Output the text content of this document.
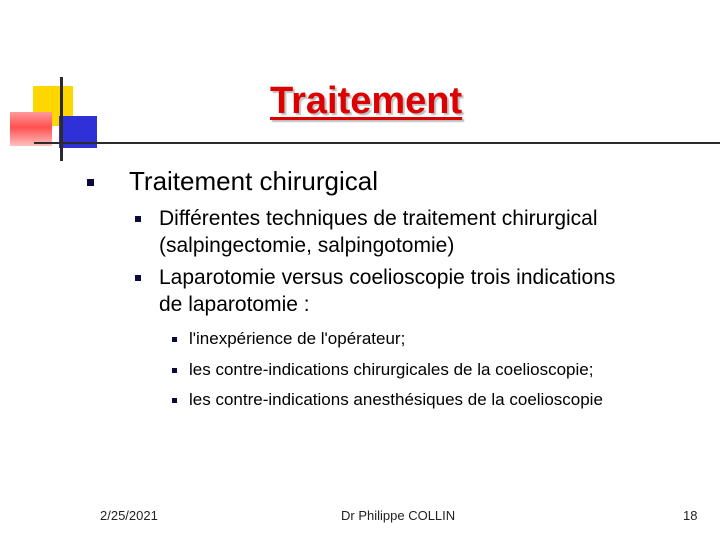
Traitement
Traitement chirurgical
Différentes techniques de traitement chirurgical
(salpingectomie, salpingotomie)
Laparotomie versus coelioscopie trois indications
de laparotomie :
l'inexpérience de l'opérateur;
les contre-indications chirurgicales de la coelioscopie;
les contre-indications anesthésiques de la coelioscopie
2/25/2021	Dr Philippe COLLIN	18
